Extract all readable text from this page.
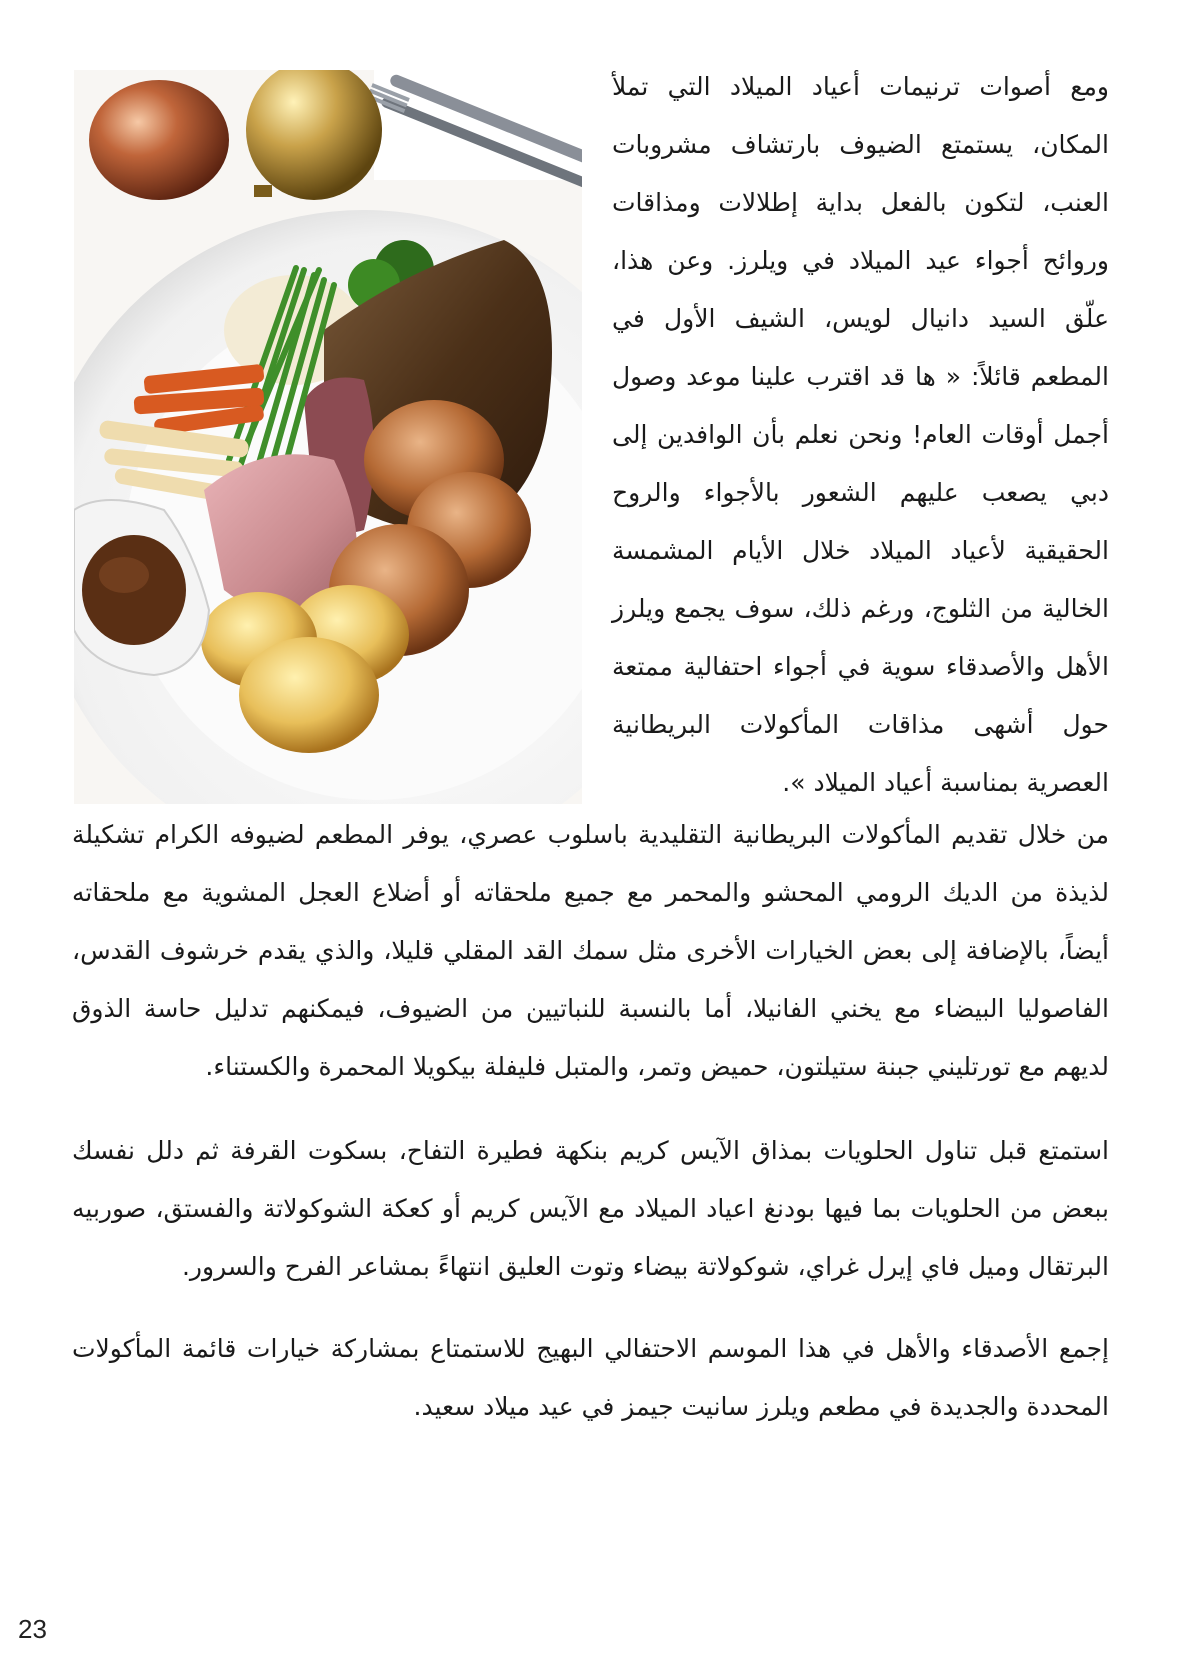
ومع أصوات ترنيمات أعياد الميلاد التي تملأ المكان، يستمتع الضيوف بارتشاف مشروبات العنب، لتكون بالفعل بداية إطلالات ومذاقات وروائح أجواء عيد الميلاد في ويلرز. وعن هذا، علّق السيد دانيال لويس، الشيف الأول في المطعم قائلاً: « ها قد اقترب علينا موعد وصول أجمل أوقات العام! ونحن نعلم بأن الوافدين إلى دبي يصعب عليهم الشعور بالأجواء والروح الحقيقية لأعياد الميلاد خلال الأيام المشمسة الخالية من الثلوج، ورغم ذلك، سوف يجمع ويلرز الأهل والأصدقاء سوية في أجواء احتفالية ممتعة حول أشهى مذاقات المأكولات البريطانية العصرية بمناسبة أعياد الميلاد ».

من خلال تقديم المأكولات البريطانية التقليدية باسلوب عصري، يوفر المطعم لضيوفه الكرام تشكيلة لذيذة من الديك الرومي المحشو والمحمر مع جميع ملحقاته أو أضلاع العجل المشوية مع ملحقاته أيضاً، بالإضافة إلى بعض الخيارات الأخرى مثل سمك القد المقلي قليلا، والذي يقدم خرشوف القدس، الفاصوليا البيضاء مع يخني الفانيلا، أما بالنسبة للنباتيين من الضيوف، فيمكنهم تدليل حاسة الذوق لديهم مع تورتليني جبنة ستيلتون، حميض وتمر، والمتبل فليفلة بيكويلا المحمرة والكستناء.

استمتع قبل تناول الحلويات بمذاق الآيس كريم بنكهة فطيرة التفاح، بسكوت القرفة ثم دلل نفسك ببعض من الحلويات بما فيها بودنغ اعياد الميلاد مع الآيس كريم أو كعكة الشوكولاتة والفستق، صوربيه البرتقال وميل فاي إيرل غراي، شوكولاتة بيضاء وتوت العليق انتهاءً بمشاعر الفرح والسرور.

إجمع الأصدقاء والأهل في هذا الموسم الاحتفالي البهيج للاستمتاع بمشاركة خيارات قائمة المأكولات المحددة والجديدة في مطعم ويلرز سانيت جيمز في عيد ميلاد سعيد.

23
